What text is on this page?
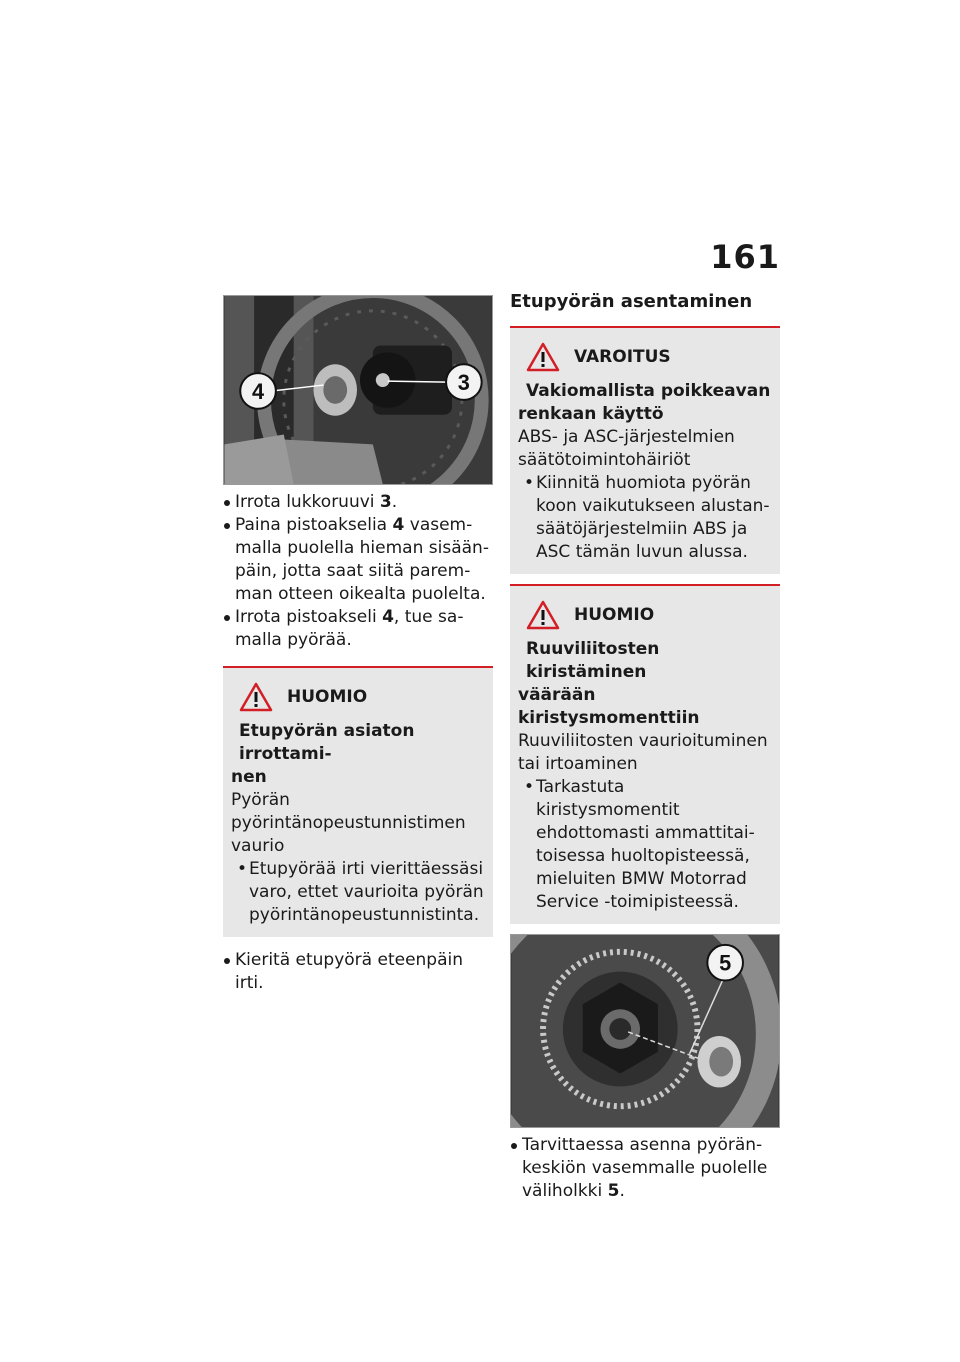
161
4	3
Irrota lukkoruuvi 3.
Paina pistoakselia 4 vasemmalla puolella hieman sisäänpäin, jotta saat siitä paremman otteen oikealta puolelta.
Irrota pistoakseli 4, tue samalla pyörää.
HUOMIO
Etupyörän asiaton irrottami-
nen
Pyörän pyörintänopeustunnistimen vaurio
• Etupyörää irti vierittäessäsi varo, ettet vaurioita pyörän pyörintänopeustunnistinta.
Kieritä etupyörä eteenpäin irti.
Etupyörän asentaminen
VAROITUS
Vakiomallista poikkeavan
renkaan käyttö
ABS- ja ASC-järjestelmien säätötoimintohäiriöt
• Kiinnitä huomiota pyörän koon vaikutukseen alustansäätöjärjestelmiin ABS ja ASC tämän luvun alussa.
HUOMIO
Ruuviliitosten kiristäminen
väärään kiristysmomenttiin
Ruuviliitosten vaurioituminen tai irtoaminen
• Tarkastuta kiristysmomentit ehdottomasti ammattitaitoisessa huoltopisteessä, mieluiten BMW Motorrad Service -toimipisteessä.
5
Tarvittaessa asenna pyöränkeskiön vasemmalle puolelle väliholkki 5.
